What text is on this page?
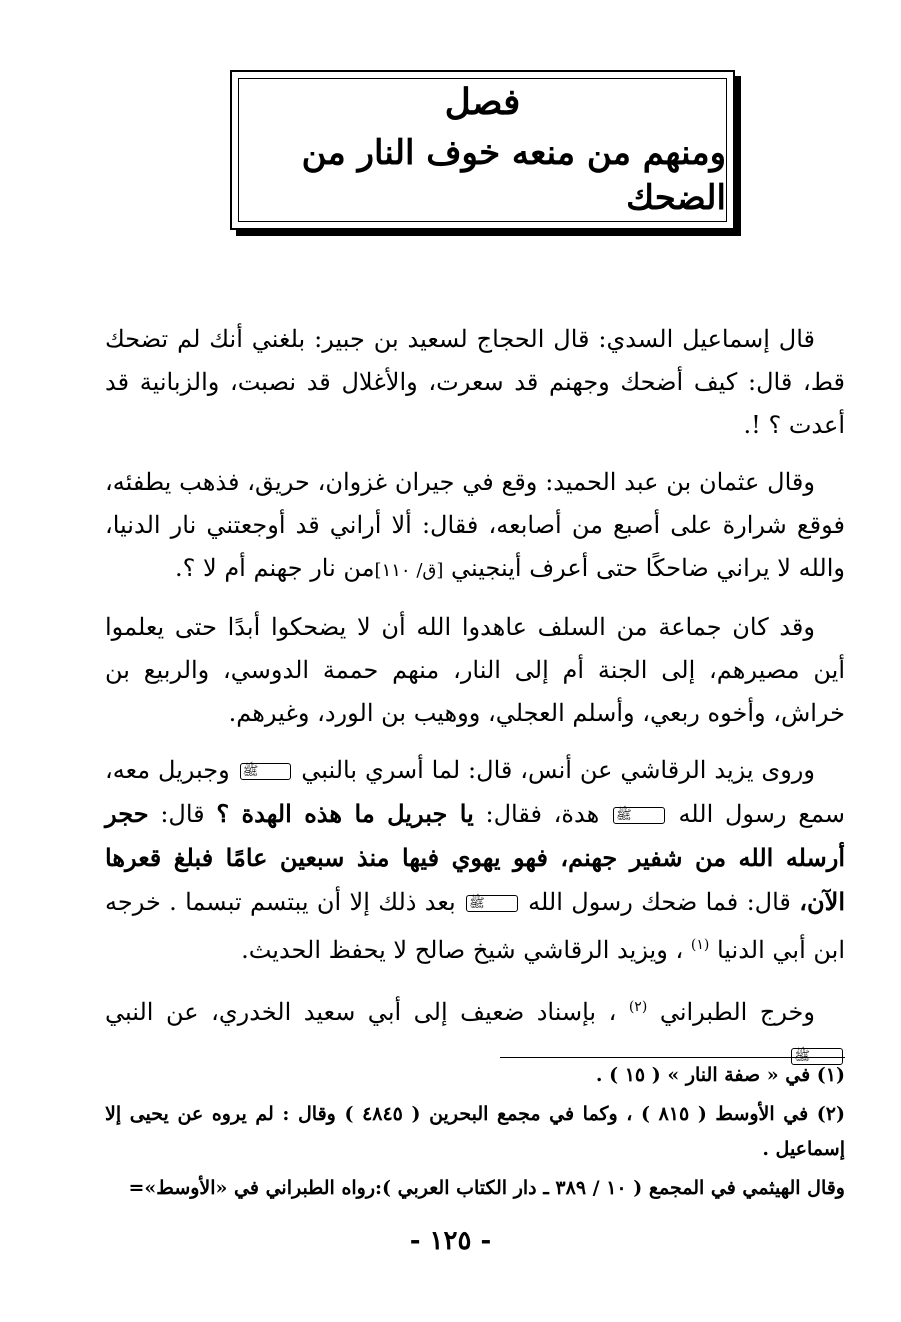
فصل
ومنهم من منعه خوف النار من الضحك

قال إسماعيل السدي: قال الحجاج لسعيد بن جبير: بلغني أنك لم تضحك قط، قال: كيف أضحك وجهنم قد سعرت، والأغلال قد نصبت، والزبانية قد أعدت ؟ !.

وقال عثمان بن عبد الحميد: وقع في جيران غزوان، حريق، فذهب يطفئه، فوقع شرارة على أصبع من أصابعه، فقال: ألا أراني قد أوجعتني نار الدنيا، والله لا يراني ضاحكًا حتى أعرف أينجيني [ق/ ١١٠]من نار جهنم أم لا ؟.

وقد كان جماعة من السلف عاهدوا الله أن لا يضحكوا أبدًا حتى يعلموا أين مصيرهم، إلى الجنة أم إلى النار، منهم حممة الدوسي، والربيع بن خراش، وأخوه ربعي، وأسلم العجلي، ووهيب بن الورد، وغيرهم.

وروى يزيد الرقاشي عن أنس، قال: لما أسري بالنبي ﷺ وجبريل معه، سمع رسول الله ﷺ هدة، فقال: يا جبريل ما هذه الهدة ؟ قال: حجر أرسله الله من شفير جهنم، فهو يهوي فيها منذ سبعين عامًا فبلغ قعرها الآن، قال: فما ضحك رسول الله ﷺ بعد ذلك إلا أن يبتسم تبسما . خرجه ابن أبي الدنيا $^{(١)}$ ، ويزيد الرقاشي شيخ صالح لا يحفظ الحديث.

وخرج الطبراني $^{(٢)}$ ، بإسناد ضعيف إلى أبي سعيد الخدري، عن النبي ﷺ

(١) في « صفة النار » ( ١٥ ) .

(٢) في الأوسط ( ٨١٥ ) ، وكما في مجمع البحرين ( ٤٨٤٥ ) وقال : لم يروه عن يحيى إلا إسماعيل .

وقال الهيثمي في المجمع ( ١٠ / ٣٨٩ ـ دار الكتاب العربي ):رواه الطبراني في «الأوسط»=

- ١٢٥ -
